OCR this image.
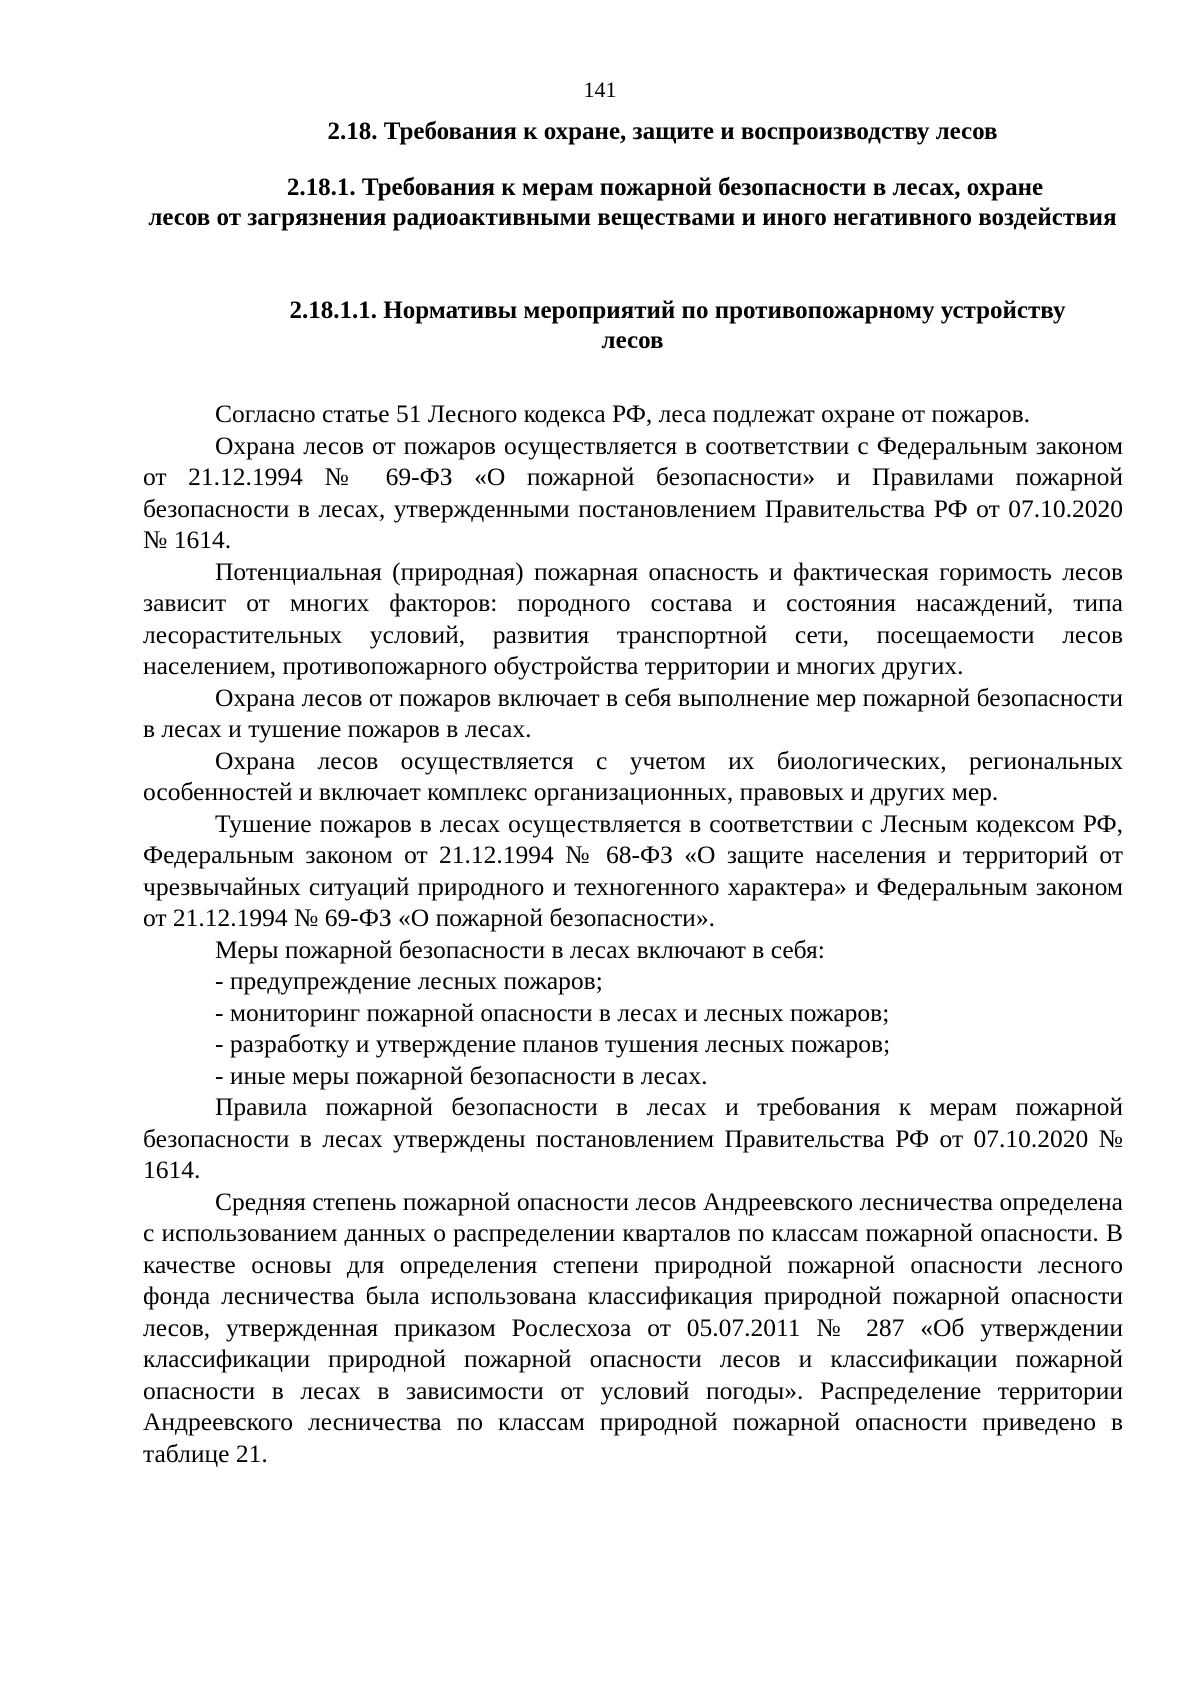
141
2.18. Требования к охране, защите и воспроизводству лесов
2.18.1. Требования к мерам пожарной безопасности в лесах, охране
лесов от загрязнения радиоактивными веществами и иного негативного воздействия
2.18.1.1. Нормативы мероприятий по противопожарному устройству
лесов

Согласно статье 51 Лесного кодекса РФ, леса подлежат охране от пожаров.

Охрана лесов от пожаров осуществляется в соответствии с Федеральным законом от 21.12.1994 № 69-ФЗ «О пожарной безопасности» и Правилами пожарной безопасности в лесах, утвержденными постановлением Правительства РФ от 07.10.2020 № 1614.

Потенциальная (природная) пожарная опасность и фактическая горимость лесов зависит от многих факторов: породного состава и состояния насаждений, типа лесорастительных условий, развития транспортной сети, посещаемости лесов населением, противопожарного обустройства территории и многих других.

Охрана лесов от пожаров включает в себя выполнение мер пожарной безопасности в лесах и тушение пожаров в лесах.

Охрана лесов осуществляется с учетом их биологических, региональных особенностей и включает комплекс организационных, правовых и других мер.

Тушение пожаров в лесах осуществляется в соответствии с Лесным кодексом РФ, Федеральным законом от 21.12.1994 № 68-ФЗ «О защите населения и территорий от чрезвычайных ситуаций природного и техногенного характера» и Федеральным законом от 21.12.1994 № 69-ФЗ «О пожарной безопасности».

Меры пожарной безопасности в лесах включают в себя:

- предупреждение лесных пожаров;

- мониторинг пожарной опасности в лесах и лесных пожаров;

- разработку и утверждение планов тушения лесных пожаров;

- иные меры пожарной безопасности в лесах.

Правила пожарной безопасности в лесах и требования к мерам пожарной безопасности в лесах утверждены постановлением Правительства РФ от 07.10.2020 № 1614.

Средняя степень пожарной опасности лесов Андреевского лесничества определена с использованием данных о распределении кварталов по классам пожарной опасности. В качестве основы для определения степени природной пожарной опасности лесного фонда лесничества была использована классификация природной пожарной опасности лесов, утвержденная приказом Рослесхоза от 05.07.2011 № 287 «Об утверждении классификации природной пожарной опасности лесов и классификации пожарной опасности в лесах в зависимости от условий погоды». Распределение территории Андреевского лесничества по классам природной пожарной опасности приведено в таблице 21.
